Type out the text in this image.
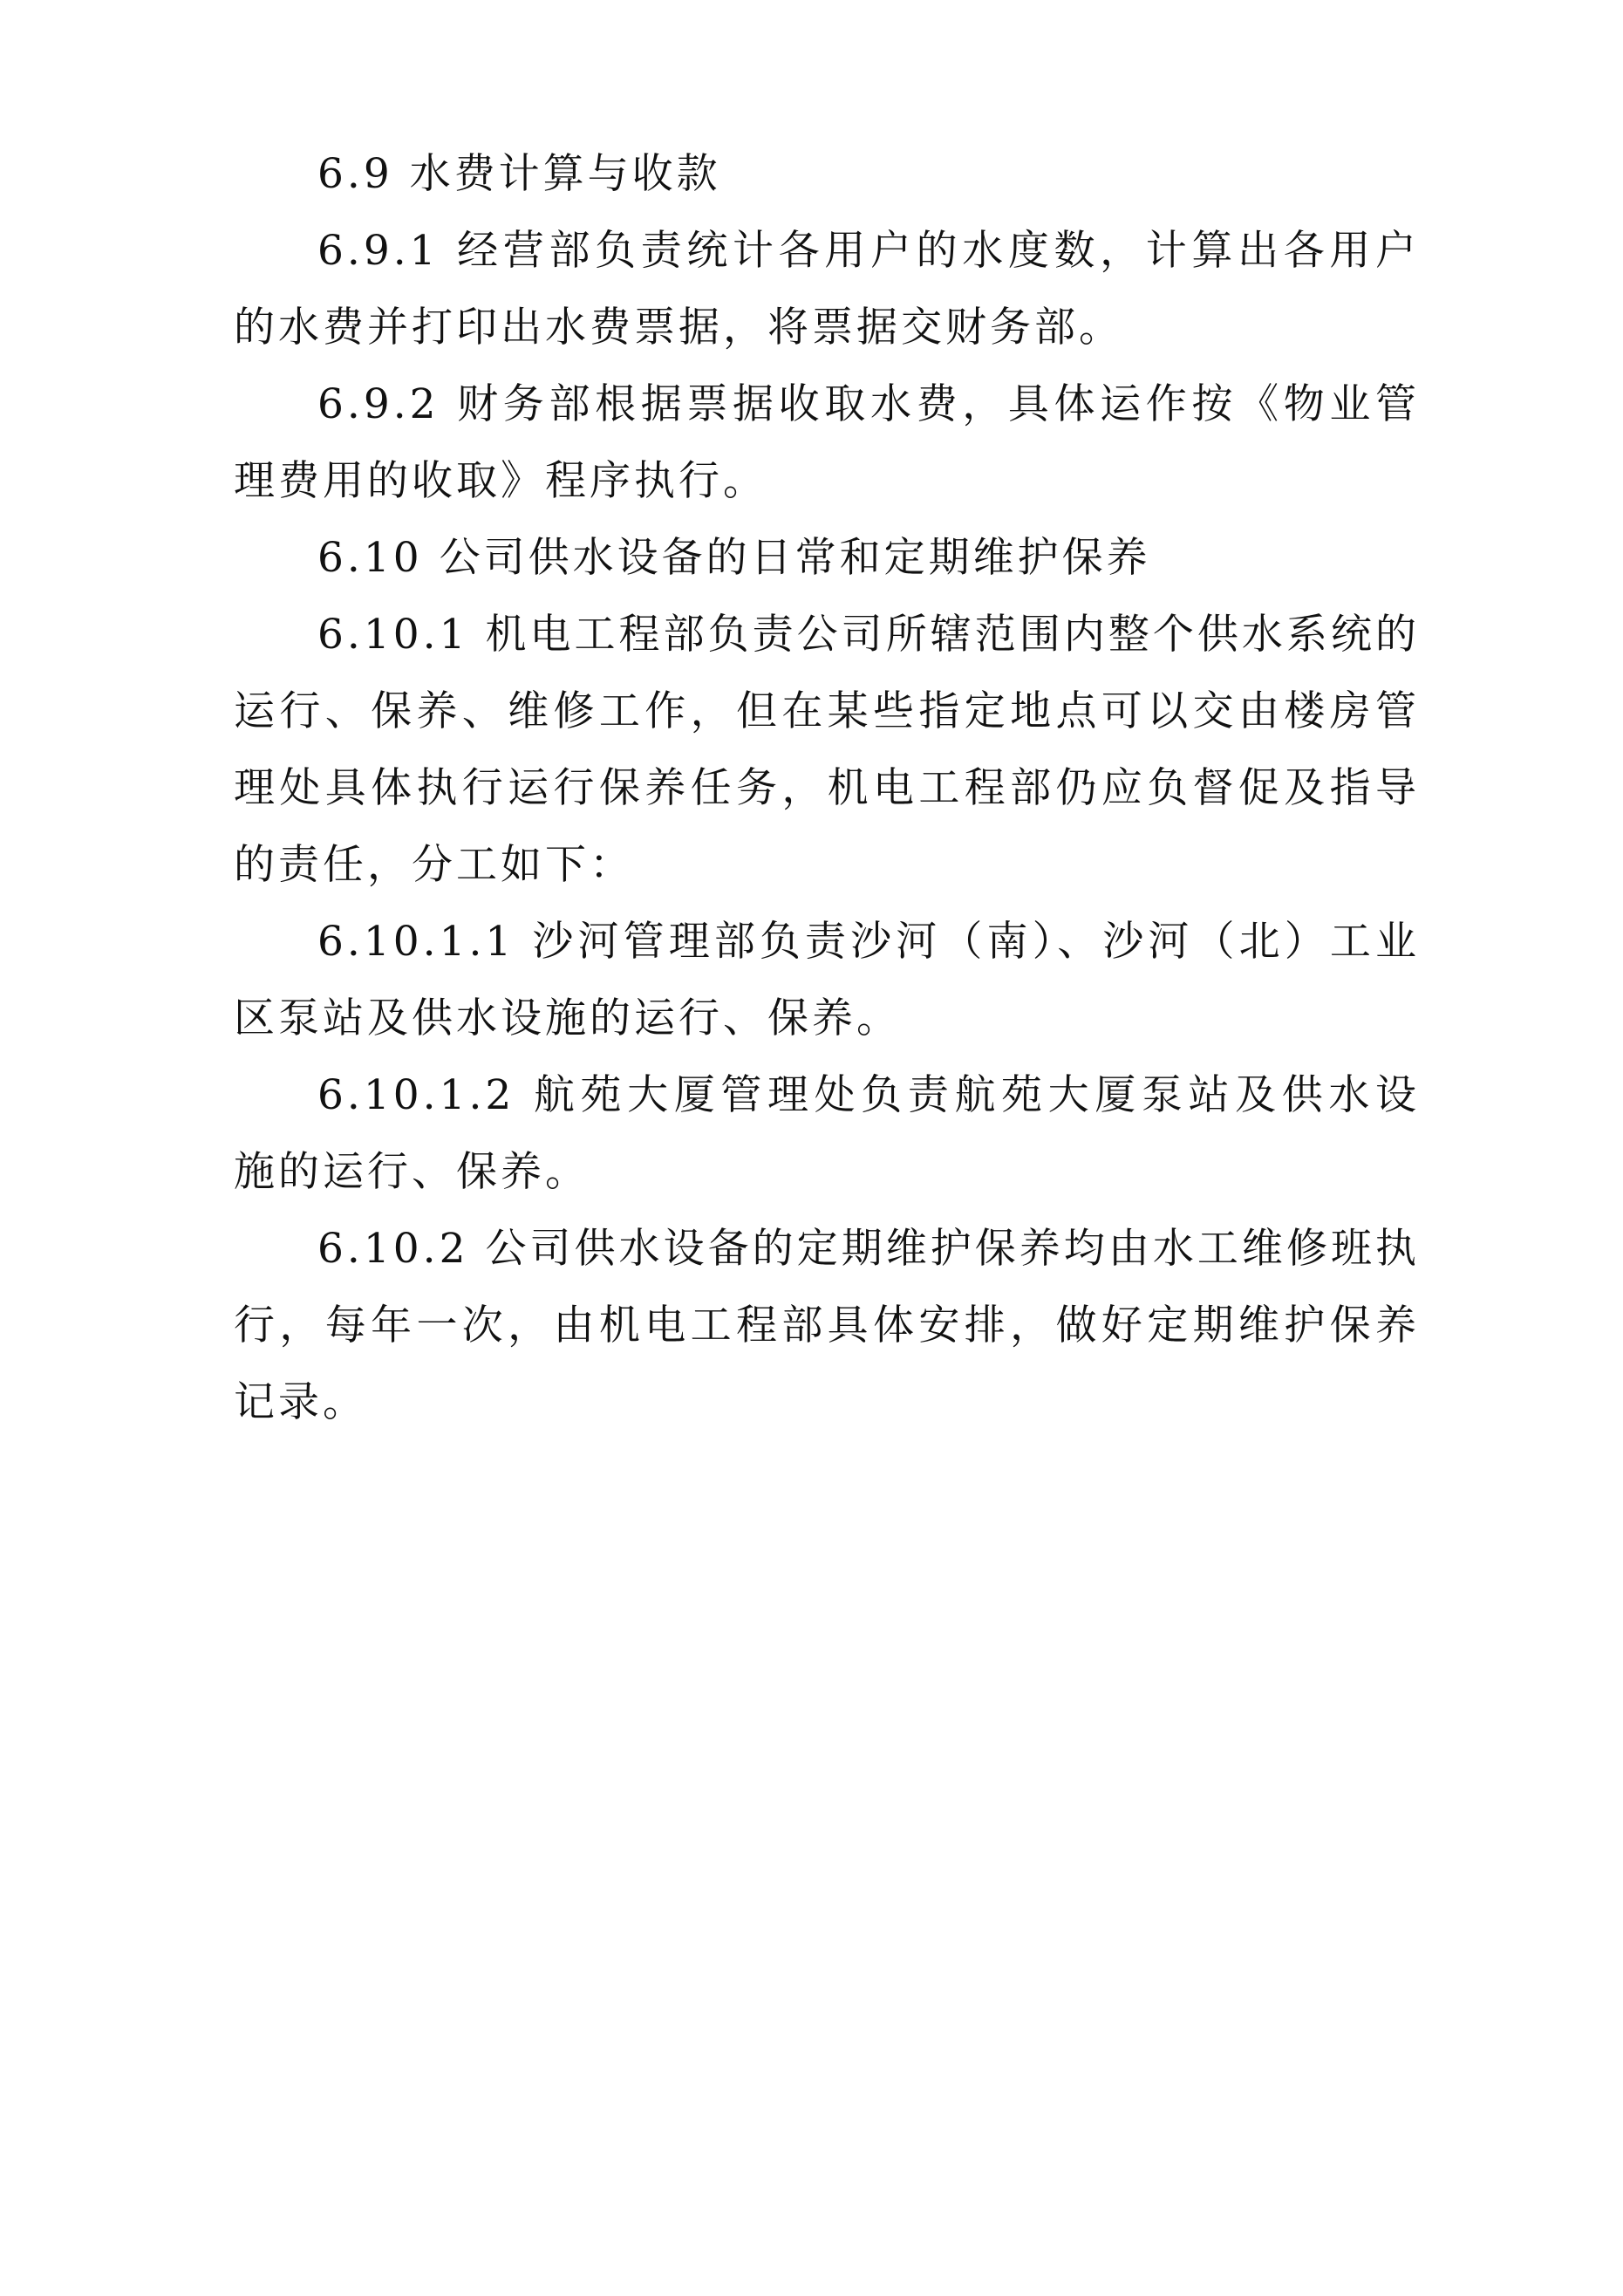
6.9 水费计算与收款

6.9.1 经营部负责统计各用户的水度数，计算出各用户的水费并打印出水费票据，将票据交财务部。

6.9.2 财务部根据票据收取水费，具体运作按《物业管理费用的收取》程序执行。

6.10 公司供水设备的日常和定期维护保养

6.10.1 机电工程部负责公司所辖范围内整个供水系统的运行、保养、维修工作，但在某些指定地点可以交由楼房管理处具体执行运行保养任务，机电工程部仍应负督促及指导的责任，分工如下：

6.10.1.1 沙河管理部负责沙河（南）、沙河（北）工业区泵站及供水设施的运行、保养。

6.10.1.2 航苑大厦管理处负责航苑大厦泵站及供水设施的运行、保养。

6.10.2 公司供水设备的定期维护保养均由水工维修班执行，每年一次，由机电工程部具体安排，做好定期维护保养记录。
